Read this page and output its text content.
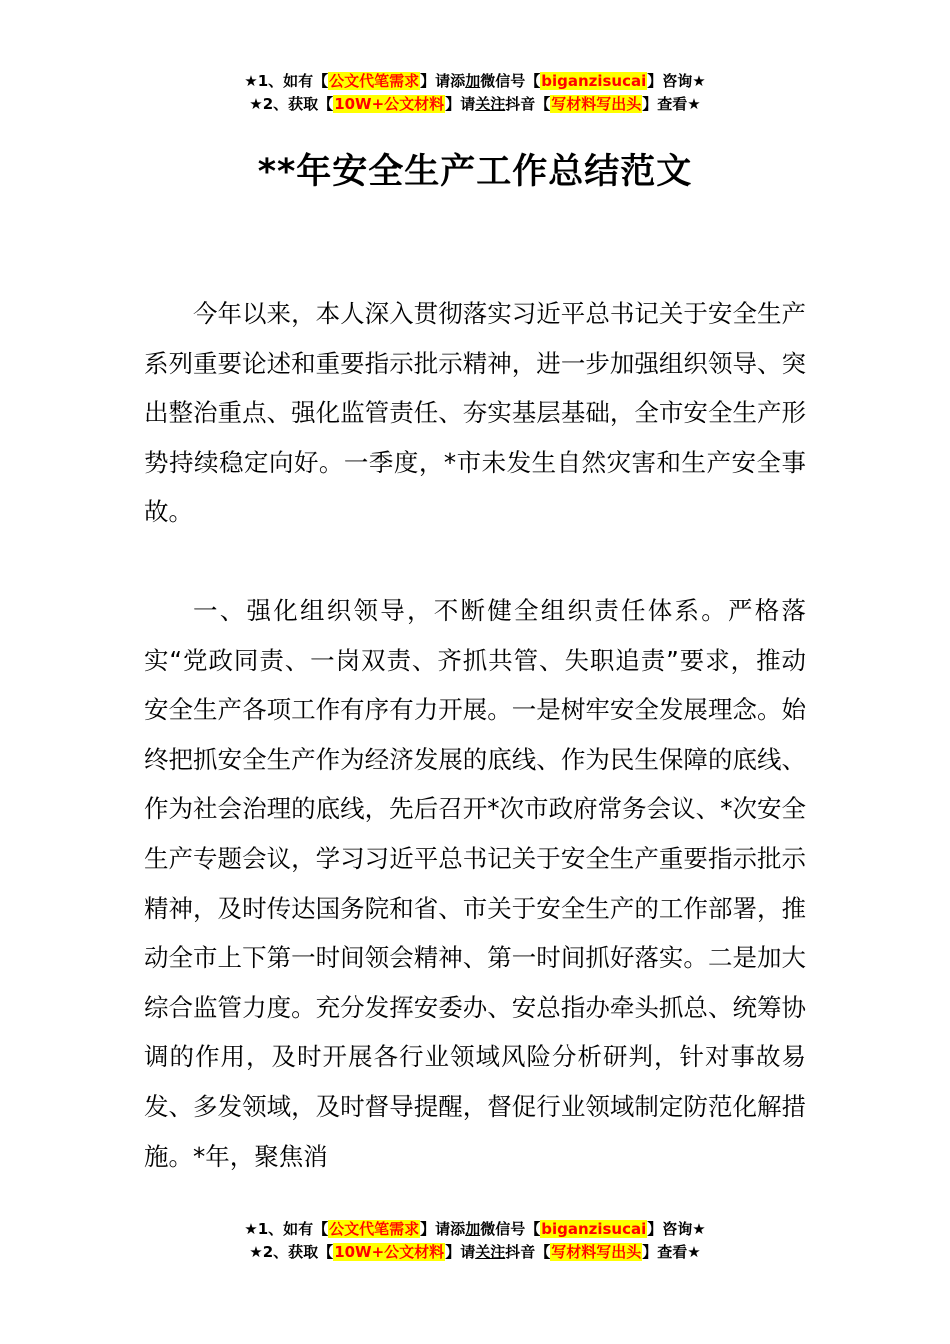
★1、如有【公文代笔需求】请添加微信号【biganzisucai】咨询★
★2、获取【10W+公文材料】请关注抖音【写材料写出头】查看★
**年安全生产工作总结范文

今年以来，本人深入贯彻落实习近平总书记关于安全生产系列重要论述和重要指示批示精神，进一步加强组织领导、突出整治重点、强化监管责任、夯实基层基础，全市安全生产形势持续稳定向好。一季度，*市未发生自然灾害和生产安全事故。

一、强化组织领导，不断健全组织责任体系。严格落实“党政同责、一岗双责、齐抓共管、失职追责”要求，推动安全生产各项工作有序有力开展。一是树牢安全发展理念。始终把抓安全生产作为经济发展的底线、作为民生保障的底线、作为社会治理的底线，先后召开*次市政府常务会议、*次安全生产专题会议，学习习近平总书记关于安全生产重要指示批示精神，及时传达国务院和省、市关于安全生产的工作部署，推动全市上下第一时间领会精神、第一时间抓好落实。二是加大综合监管力度。充分发挥安委办、安总指办牵头抓总、统筹协调的作用，及时开展各行业领域风险分析研判，针对事故易发、多发领域，及时督导提醒，督促行业领域制定防范化解措施。*年，聚焦消

★1、如有【公文代笔需求】请添加微信号【biganzisucai】咨询★
★2、获取【10W+公文材料】请关注抖音【写材料写出头】查看★
